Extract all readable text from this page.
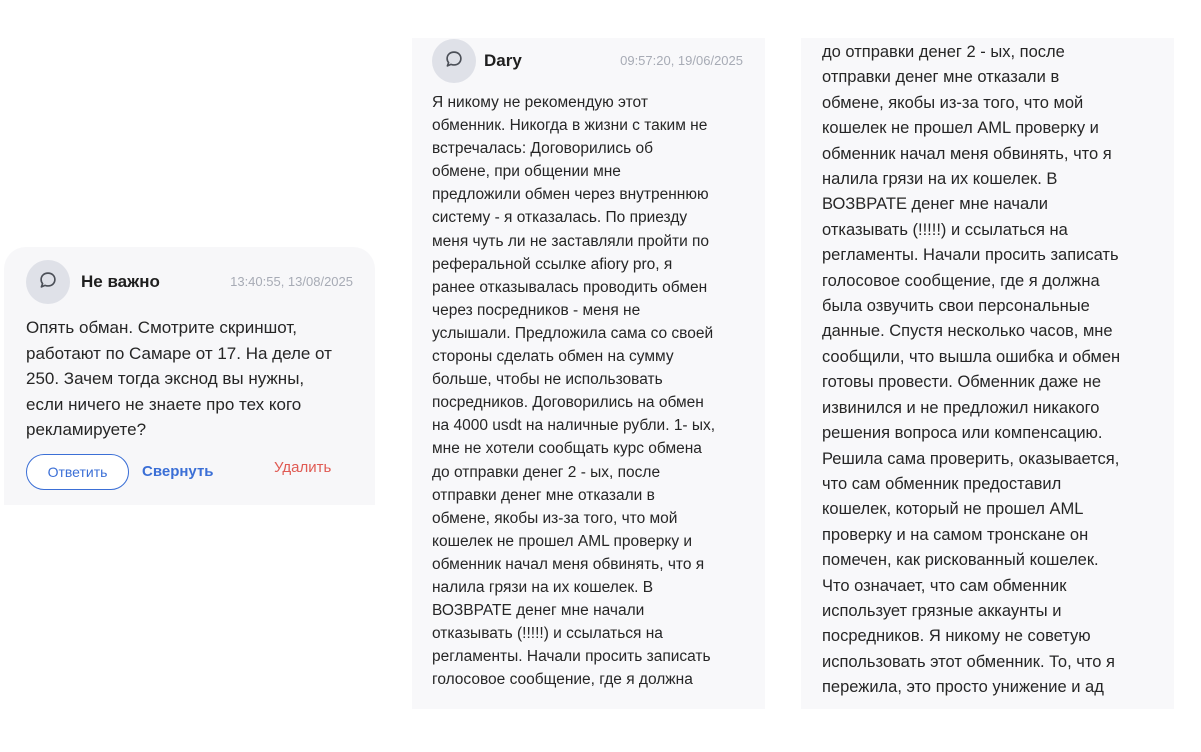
Не важно	13:40:55, 13/08/2025
Опять обман. Смотрите скриншот,
работают по Самаре от 17. На деле от
250. Зачем тогда экснод вы нужны,
если ничего не знаете про тех кого
рекламируете?
Ответить	Свернуть	Удалить
Dary	09:57:20, 19/06/2025
Я никому не рекомендую этот
обменник. Никогда в жизни с таким не
встречалась: Договорились об
обмене, при общении мне
предложили обмен через внутреннюю
систему - я отказалась. По приезду
меня чуть ли не заставляли пройти по
реферальной ссылке afiory pro, я
ранее отказывалась проводить обмен
через посредников - меня не
услышали. Предложила сама со своей
стороны сделать обмен на сумму
больше, чтобы не использовать
посредников. Договорились на обмен
на 4000 usdt на наличные рубли. 1- ых,
мне не хотели сообщать курс обмена
до отправки денег 2 - ых, после
отправки денег мне отказали в
обмене, якобы из-за того, что мой
кошелек не прошел AML проверку и
обменник начал меня обвинять, что я
налила грязи на их кошелек. В
ВОЗВРАТЕ денег мне начали
отказывать (!!!!!) и ссылаться на
регламенты. Начали просить записать
голосовое сообщение, где я должна
до отправки денег 2 - ых, после
отправки денег мне отказали в
обмене, якобы из-за того, что мой
кошелек не прошел AML проверку и
обменник начал меня обвинять, что я
налила грязи на их кошелек. В
ВОЗВРАТЕ денег мне начали
отказывать (!!!!!) и ссылаться на
регламенты. Начали просить записать
голосовое сообщение, где я должна
была озвучить свои персональные
данные. Спустя несколько часов, мне
сообщили, что вышла ошибка и обмен
готовы провести. Обменник даже не
извинился и не предложил никакого
решения вопроса или компенсацию.
Решила сама проверить, оказывается,
что сам обменник предоставил
кошелек, который не прошел AML
проверку и на самом тронскане он
помечен, как рискованный кошелек.
Что означает, что сам обменник
использует грязные аккаунты и
посредников. Я никому не советую
использовать этот обменник. То, что я
пережила, это просто унижение и ад
